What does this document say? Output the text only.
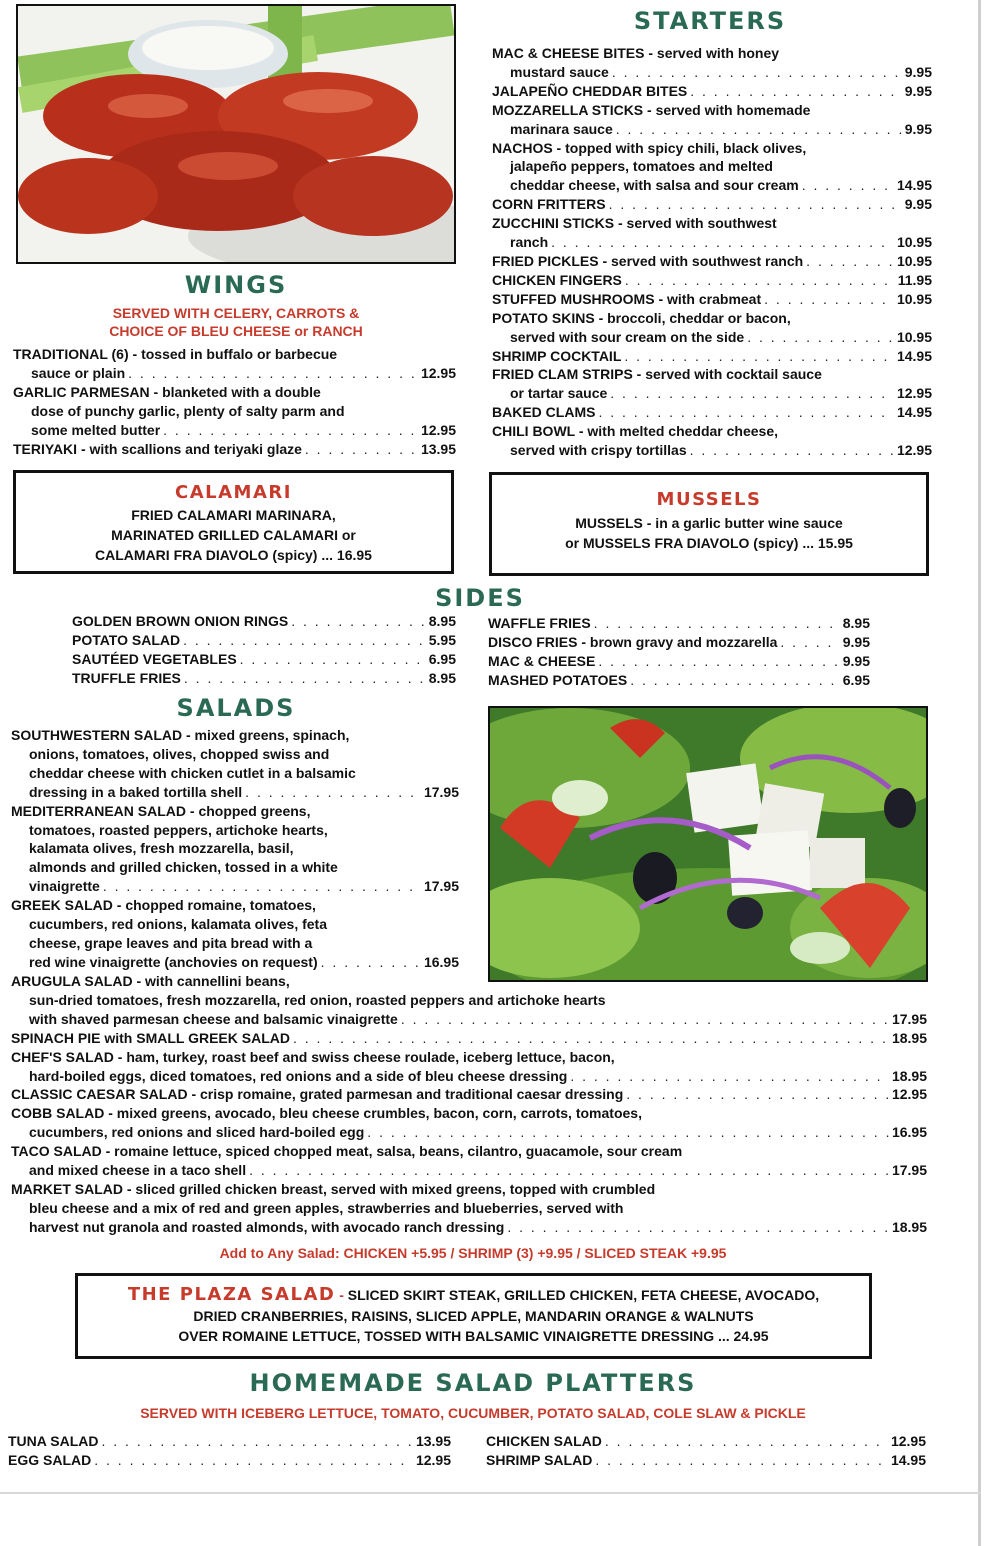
WINGS
SERVED WITH CELERY, CARROTS &
CHOICE OF BLEU CHEESE or RANCH
TRADITIONAL (6) - tossed in buffalo or barbecue
sauce or plain . . .	12.95
GARLIC PARMESAN - blanketed with a double
dose of punchy garlic, plenty of salty parm and
some melted butter . . .	12.95
TERIYAKI - with scallions and teriyaki glaze . . .	13.95
STARTERS
MAC & CHEESE BITES - served with honey
mustard sauce . . .	9.95
JALAPEÑO CHEDDAR BITES . . .	9.95
MOZZARELLA STICKS - served with homemade
marinara sauce . . .	9.95
NACHOS - topped with spicy chili, black olives,
jalapeño peppers, tomatoes and melted
cheddar cheese, with salsa and sour cream . . .	14.95
CORN FRITTERS . . .	9.95
ZUCCHINI STICKS - served with southwest
ranch . . .	10.95
FRIED PICKLES - served with southwest ranch . . .	10.95
CHICKEN FINGERS . . .	11.95
STUFFED MUSHROOMS - with crabmeat . . .	10.95
POTATO SKINS - broccoli, cheddar or bacon,
served with sour cream on the side . . .	10.95
SHRIMP COCKTAIL . . .	14.95
FRIED CLAM STRIPS - served with cocktail sauce
or tartar sauce . . .	12.95
BAKED CLAMS . . .	14.95
CHILI BOWL - with melted cheddar cheese,
served with crispy tortillas . . .	12.95
CALAMARI

FRIED CALAMARI MARINARA,

MARINATED GRILLED CALAMARI or

CALAMARI FRA DIAVOLO (spicy) ... 16.95

MUSSELS

MUSSELS - in a garlic butter wine sauce

or MUSSELS FRA DIAVOLO (spicy) ... 15.95

SIDES
GOLDEN BROWN ONION RINGS . . .	8.95
POTATO SALAD . . .	5.95
SAUTÉED VEGETABLES . . .	6.95
TRUFFLE FRIES . . .	8.95
WAFFLE FRIES . . .	8.95
DISCO FRIES - brown gravy and mozzarella . . .	9.95
MAC & CHEESE . . .	9.95
MASHED POTATOES . . .	6.95
SALADS
SOUTHWESTERN SALAD - mixed greens, spinach,
onions, tomatoes, olives, chopped swiss and
cheddar cheese with chicken cutlet in a balsamic
dressing in a baked tortilla shell . . .	17.95
MEDITERRANEAN SALAD - chopped greens,
tomatoes, roasted peppers, artichoke hearts,
kalamata olives, fresh mozzarella, basil,
almonds and grilled chicken, tossed in a white
vinaigrette . . .	17.95
GREEK SALAD - chopped romaine, tomatoes,
cucumbers, red onions, kalamata olives, feta
cheese, grape leaves and pita bread with a
red wine vinaigrette (anchovies on request) . . .	16.95
ARUGULA SALAD - with cannellini beans,
sun-dried tomatoes, fresh mozzarella, red onion, roasted peppers and artichoke hearts
with shaved parmesan cheese and balsamic vinaigrette . . .	17.95
SPINACH PIE with SMALL GREEK SALAD . . .	18.95
CHEF'S SALAD - ham, turkey, roast beef and swiss cheese roulade, iceberg lettuce, bacon,
hard-boiled eggs, diced tomatoes, red onions and a side of bleu cheese dressing . . .	18.95
CLASSIC CAESAR SALAD - crisp romaine, grated parmesan and traditional caesar dressing . . .	12.95
COBB SALAD - mixed greens, avocado, bleu cheese crumbles, bacon, corn, carrots, tomatoes,
cucumbers, red onions and sliced hard-boiled egg . . .	16.95
TACO SALAD - romaine lettuce, spiced chopped meat, salsa, beans, cilantro, guacamole, sour cream
and mixed cheese in a taco shell . . .	17.95
MARKET SALAD - sliced grilled chicken breast, served with mixed greens, topped with crumbled
bleu cheese and a mix of red and green apples, strawberries and blueberries, served with
harvest nut granola and roasted almonds, with avocado ranch dressing . . .	18.95
Add to Any Salad: CHICKEN +5.95 / SHRIMP (3) +9.95 / SLICED STEAK +9.95
THE PLAZA SALAD - SLICED SKIRT STEAK, GRILLED CHICKEN, FETA CHEESE, AVOCADO,

DRIED CRANBERRIES, RAISINS, SLICED APPLE, MANDARIN ORANGE & WALNUTS

OVER ROMAINE LETTUCE, TOSSED WITH BALSAMIC VINAIGRETTE DRESSING ... 24.95

HOMEMADE SALAD PLATTERS
SERVED WITH ICEBERG LETTUCE, TOMATO, CUCUMBER, POTATO SALAD, COLE SLAW & PICKLE
TUNA SALAD . . .	13.95
EGG SALAD . . .	12.95
CHICKEN SALAD . . .	12.95
SHRIMP SALAD . . .	14.95
